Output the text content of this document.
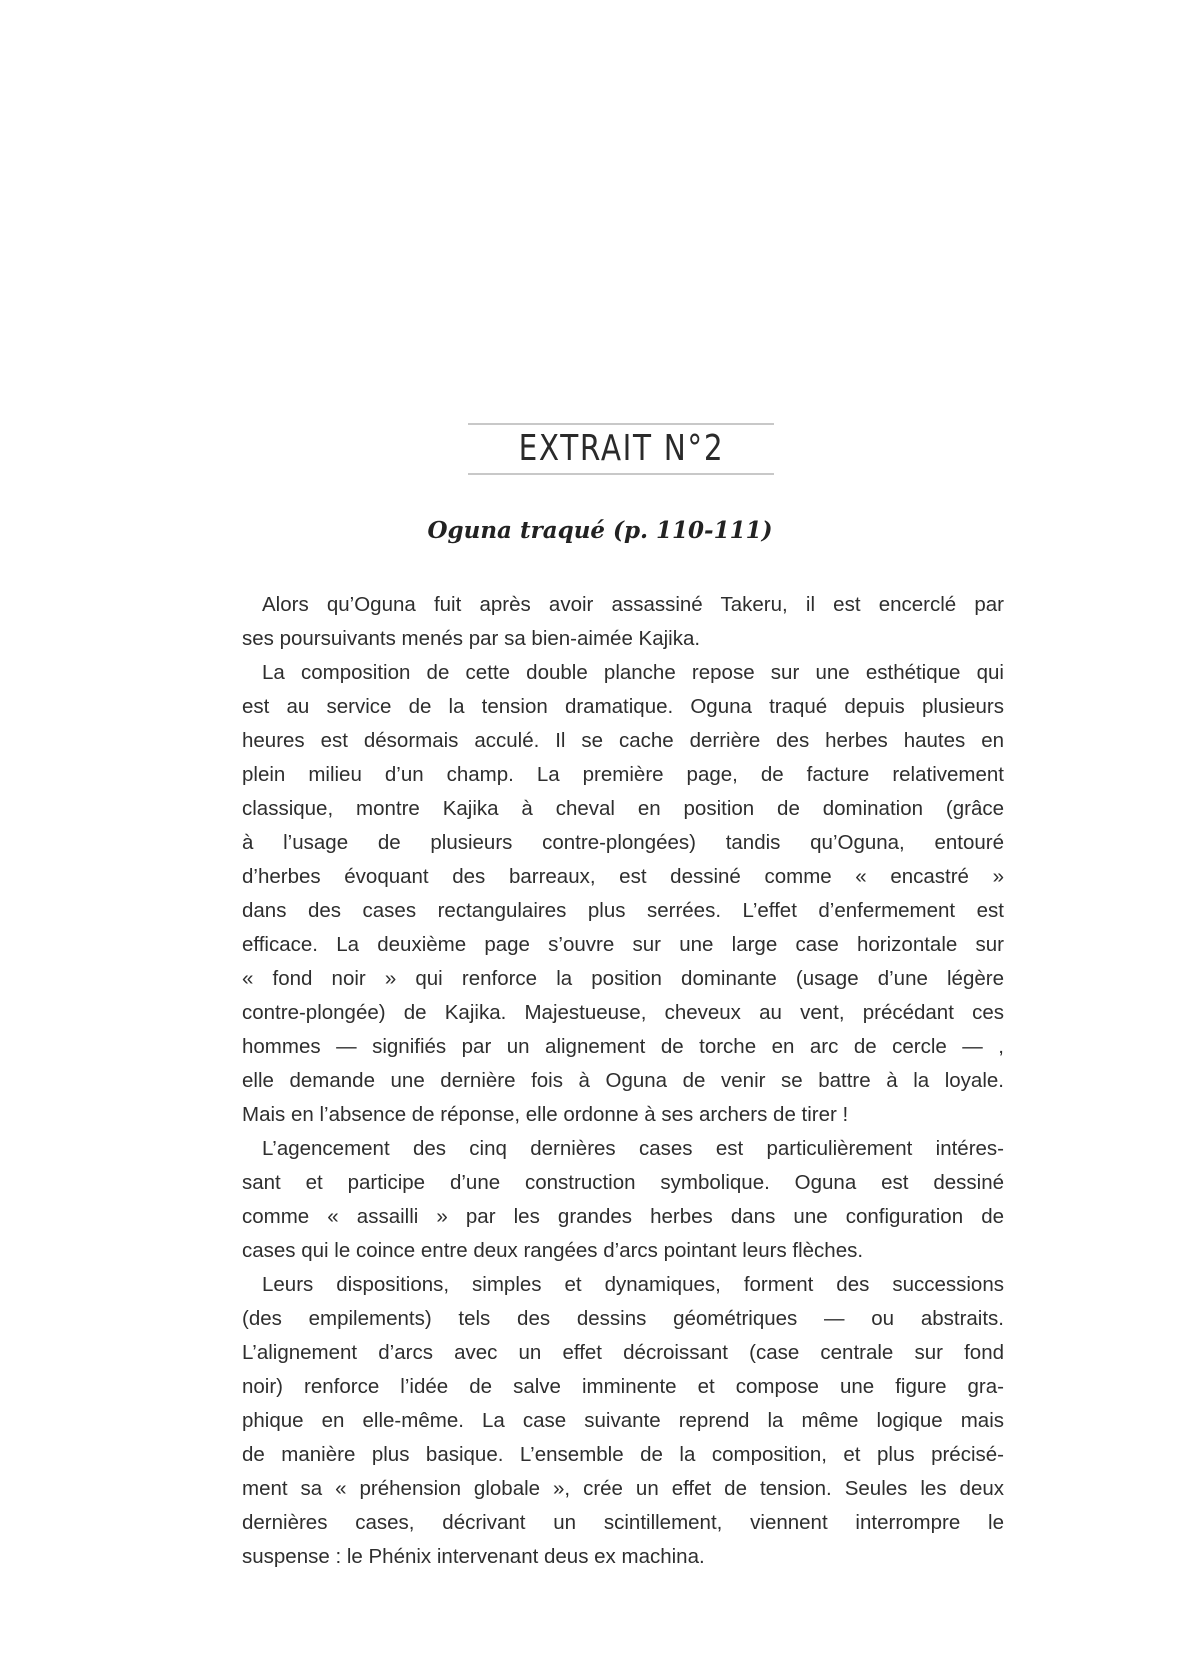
EXTRAIT N°2
Oguna traqué (p. 110-111)
Alors qu’Oguna fuit après avoir assassiné Takeru, il est encerclé par
ses poursuivants menés par sa bien-aimée Kajika.
La composition de cette double planche repose sur une esthétique qui
est au service de la tension dramatique. Oguna traqué depuis plusieurs
heures est désormais acculé. Il se cache derrière des herbes hautes en
plein milieu d’un champ. La première page, de facture relativement
classique, montre Kajika à cheval en position de domination (grâce
à l’usage de plusieurs contre-plongées) tandis qu’Oguna, entouré
d’herbes évoquant des barreaux, est dessiné comme « encastré »
dans des cases rectangulaires plus serrées. L’effet d’enfermement est
efficace. La deuxième page s’ouvre sur une large case horizontale sur
« fond noir » qui renforce la position dominante (usage d’une légère
contre-plongée) de Kajika. Majestueuse, cheveux au vent, précédant ces
hommes — signifiés par un alignement de torche en arc de cercle — ,
elle demande une dernière fois à Oguna de venir se battre à la loyale.
Mais en l’absence de réponse, elle ordonne à ses archers de tirer !
L’agencement des cinq dernières cases est particulièrement intéres-
sant et participe d’une construction symbolique. Oguna est dessiné
comme « assailli » par les grandes herbes dans une configuration de
cases qui le coince entre deux rangées d’arcs pointant leurs flèches.
Leurs dispositions, simples et dynamiques, forment des successions
(des empilements) tels des dessins géométriques — ou abstraits.
L’alignement d’arcs avec un effet décroissant (case centrale sur fond
noir) renforce l’idée de salve imminente et compose une figure gra-
phique en elle-même. La case suivante reprend la même logique mais
de manière plus basique. L’ensemble de la composition, et plus précisé-
ment sa « préhension globale », crée un effet de tension. Seules les deux
dernières cases, décrivant un scintillement, viennent interrompre le
suspense : le Phénix intervenant deus ex machina.
